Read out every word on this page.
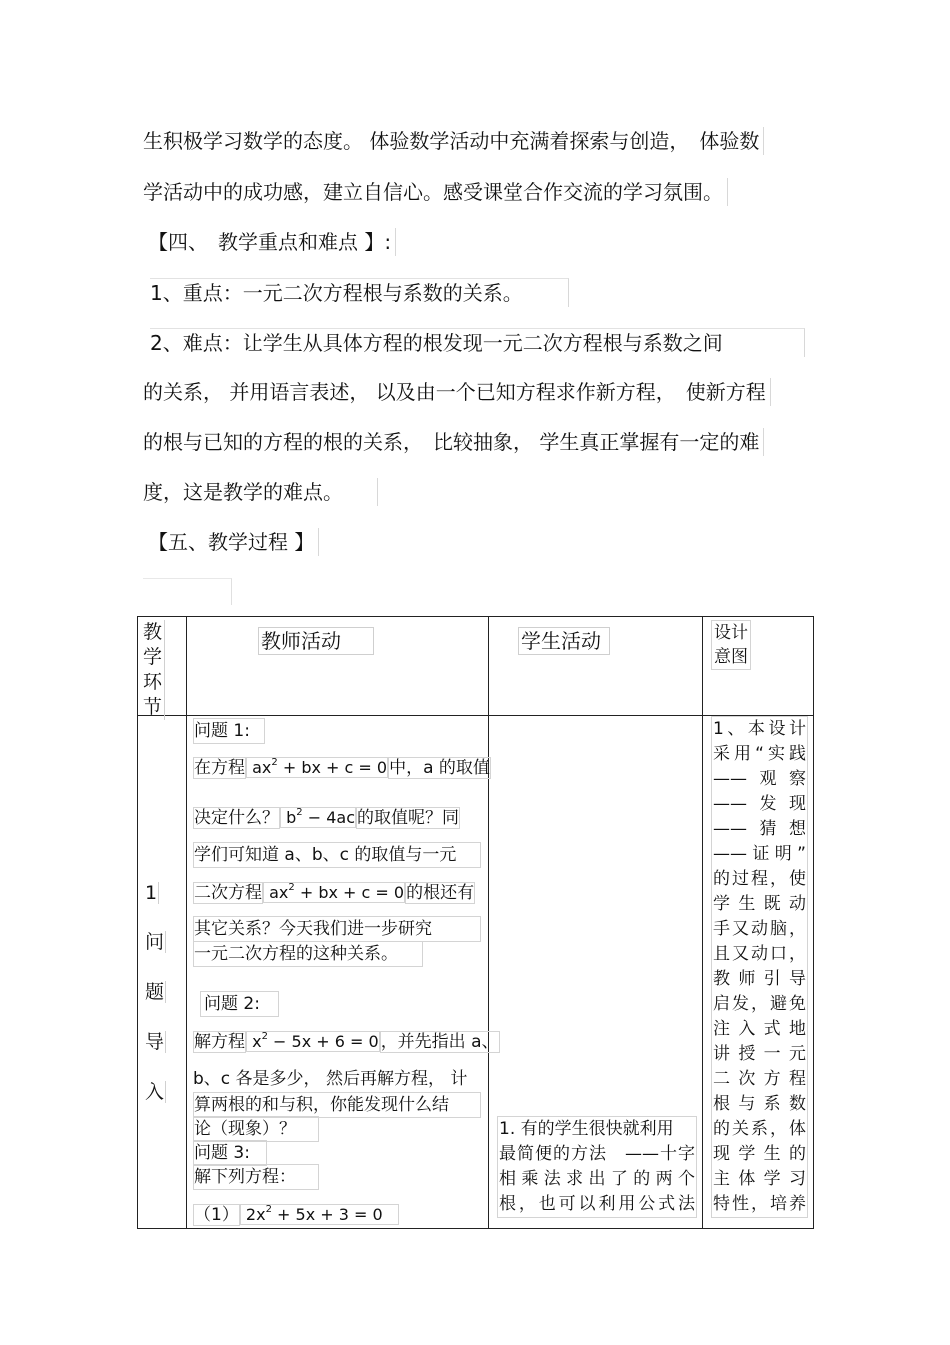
生积极学习数学的态度。 体验数学活动中充满着探索与创造，　体验数
学活动中的成功感，建立自信心。感受课堂合作交流的学习氛围。
【四、　教学重点和难点 】:
1、重点：一元二次方程根与系数的关系。
2、难点：让学生从具体方程的根发现一元二次方程根与系数之间
的关系， 并用语言表述， 以及由一个已知方程求作新方程，　使新方程
的根与已知的方程的根的关系，　比较抽象， 学生真正掌握有一定的难
度，这是教学的难点。
【五、教学过程 】
教
学
环
节
教师活动	学生活动	设计
意图
1
问
题
导
入
问题 1:
在方程 $ax^2$ + bx + c = 0 中，a 的取值
决定什么？ $b^2 - 4ac$ 的取值呢？同
学们可知道 a、b、c 的取值与一元
二次方程 $ax^2$ + bx + c = 0 的根还有
其它关系？今天我们进一步研究
一元二次方程的这种关系。
问题 2:
解方程 $x^2 - 5x + 6 = 0$ ，并先指出 a、
b、c 各是多少， 然后再解方程， 计
算两根的和与积，你能发现什么结
论（现象）？
问题 3:
解下列方程：
（1） $2x^2 + 5x + 3 = 0$
1. 有的学生很快就利用
最简便的方法　——十字
相乘法求出了的两个
根，也可以利用公式法
1、本设计
采用“实践
——观察
——发现
——猜想
——证明”
的过程，使
学生既动
手又动脑，
且又动口，
教师引导
启发，避免
注入式地
讲授一元
二次方程
根与系数
的关系，体
现学生的
主体学习
特性，培养
